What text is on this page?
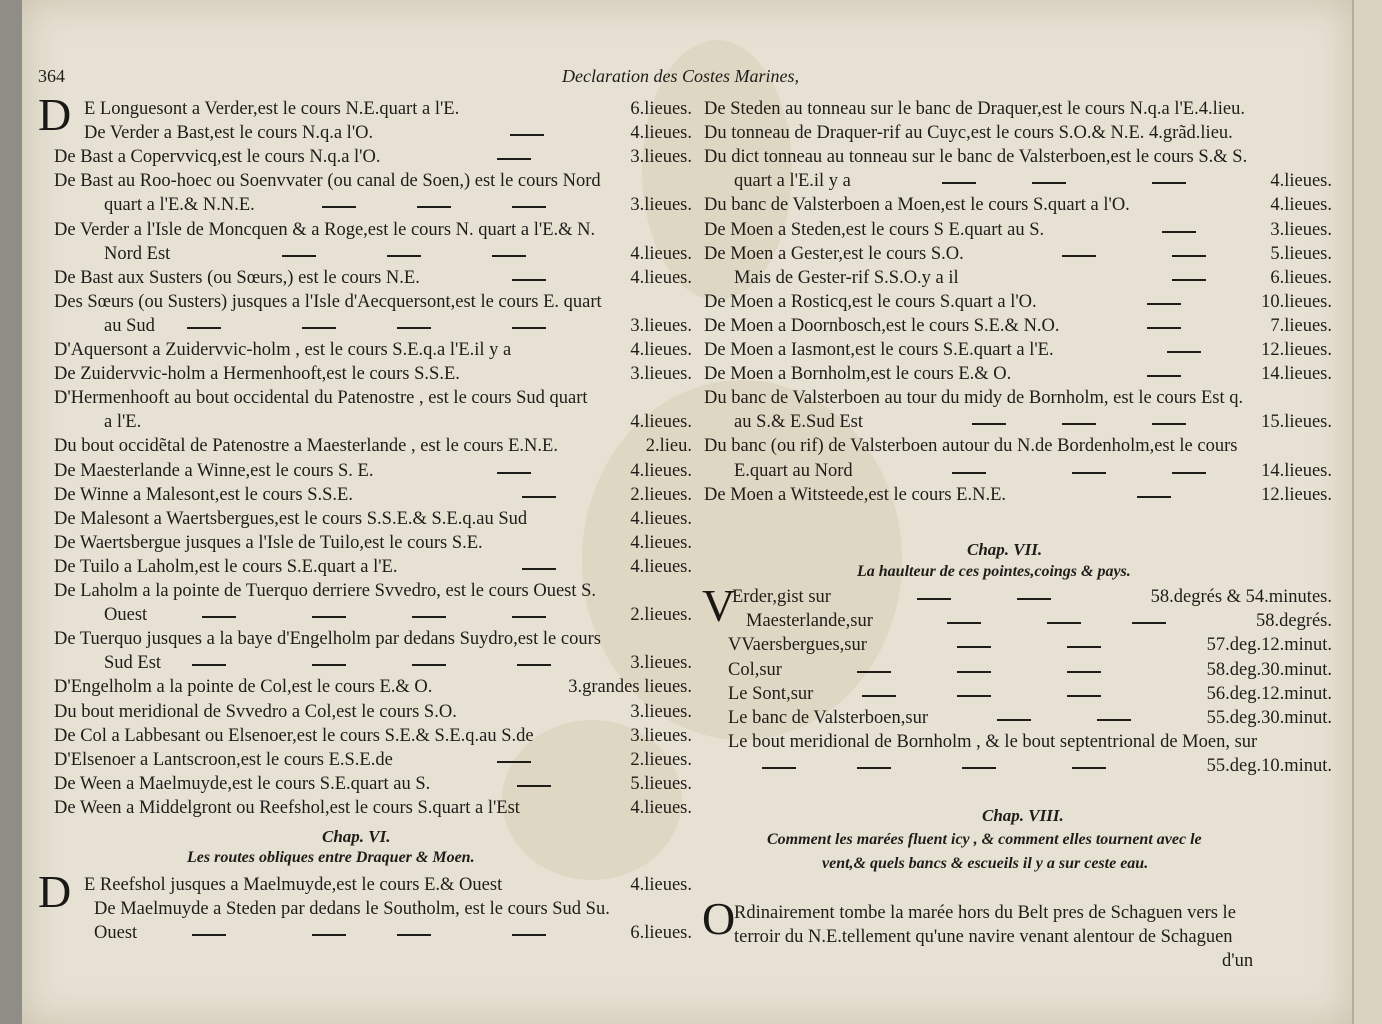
364	Declaration des Costes Marines,
D E Longuesont a Verder,est le cours N.E.quart a l'E.	6.lieues.
De Verder a Bast,est le cours N.q.a l'O.	4.lieues.
De Bast a Copervvicq,est le cours N.q.a l'O.	3.lieues.
De Bast au Roo-hoec ou Soenvvater (ou canal de Soen,) est le cours Nord
quart a l'E.& N.N.E.	3.lieues.
De Verder a l'Isle de Moncquen & a Roge,est le cours N. quart a l'E.& N.
Nord Est	4.lieues.
De Bast aux Susters (ou Sœurs,) est le cours N.E.	4.lieues.
Des Sœurs (ou Susters) jusques a l'Isle d'Aecquersont,est le cours E. quart
au Sud	3.lieues.
D'Aquersont a Zuidervvic-holm , est le cours S.E.q.a l'E.il y a	4.lieues.
De Zuidervvic-holm a Hermenhooft,est le cours S.S.E.	3.lieues.
D'Hermenhooft au bout occidental du Patenostre , est le cours Sud quart
a l'E.	4.lieues.
Du bout occidẽtal de Patenostre a Maesterlande , est le cours E.N.E.	2.lieu.
De Maesterlande a Winne,est le cours S. E.	4.lieues.
De Winne a Malesont,est le cours S.S.E.	2.lieues.
De Malesont a Waertsbergues,est le cours S.S.E.& S.E.q.au Sud	4.lieues.
De Waertsbergue jusques a l'Isle de Tuilo,est le cours S.E.	4.lieues.
De Tuilo a Laholm,est le cours S.E.quart a l'E.	4.lieues.
De Laholm a la pointe de Tuerquo derriere Svvedro, est le cours Ouest S.
Ouest	2.lieues.
De Tuerquo jusques a la baye d'Engelholm par dedans Suydro,est le cours
Sud Est	3.lieues.
D'Engelholm a la pointe de Col,est le cours E.& O.	3.grandes lieues.
Du bout meridional de Svvedro a Col,est le cours S.O.	3.lieues.
De Col a Labbesant ou Elsenoer,est le cours S.E.& S.E.q.au S.de	3.lieues.
D'Elsenoer a Lantscroon,est le cours E.S.E.de	2.lieues.
De Ween a Maelmuyde,est le cours S.E.quart au S.	5.lieues.
De Ween a Middelgront ou Reefshol,est le cours S.quart a l'Est	4.lieues.
Chap. VI.
Les routes obliques entre Draquer & Moen.
D E Reefshol jusques a Maelmuyde,est le cours E.& Ouest	4.lieues.
De Maelmuyde a Steden par dedans le Southolm, est le cours Sud Su.
Ouest	6.lieues.
De Steden au tonneau sur le banc de Draquer,est le cours N.q.a l'E.4.lieu.
Du tonneau de Draquer-rif au Cuyc,est le cours S.O.& N.E. 4.grãd.lieu.
Du dict tonneau au tonneau sur le banc de Valsterboen,est le cours S.& S.
quart a l'E.il y a	4.lieues.
Du banc de Valsterboen a Moen,est le cours S.quart a l'O.	4.lieues.
De Moen a Steden,est le cours S E.quart au S.	3.lieues.
De Moen a Gester,est le cours S.O.	5.lieues.
Mais de Gester-rif S.S.O.y a il	6.lieues.
De Moen a Rosticq,est le cours S.quart a l'O.	10.lieues.
De Moen a Doornbosch,est le cours S.E.& N.O.	7.lieues.
De Moen a Iasmont,est le cours S.E.quart a l'E.	12.lieues.
De Moen a Bornholm,est le cours E.& O.	14.lieues.
Du banc de Valsterboen au tour du midy de Bornholm, est le cours Est q.
au S.& E.Sud Est	15.lieues.
Du banc (ou rif) de Valsterboen autour du N.de Bordenholm,est le cours
E.quart au Nord	14.lieues.
De Moen a Witsteede,est le cours E.N.E.	12.lieues.
Chap. VII.
La haulteur de ces pointes,coings & pays.
V
Erder,gist sur	58.degrés & 54.minutes.
Maesterlande,sur	58.degrés.
VVaersbergues,sur	57.deg.12.minut.
Col,sur	58.deg.30.minut.
Le Sont,sur	56.deg.12.minut.
Le banc de Valsterboen,sur	55.deg.30.minut.
Le bout meridional de Bornholm , & le bout septentrional de Moen, sur
55.deg.10.minut.
Chap. VIII.
Comment les marées fluent icy , & comment elles tournent avec le
vent,& quels bancs & escueils il y a sur ceste eau.
O
Rdinairement tombe la marée hors du Belt pres de Schaguen vers le
terroir du N.E.tellement qu'une navire venant alentour de Schaguen
d'un
